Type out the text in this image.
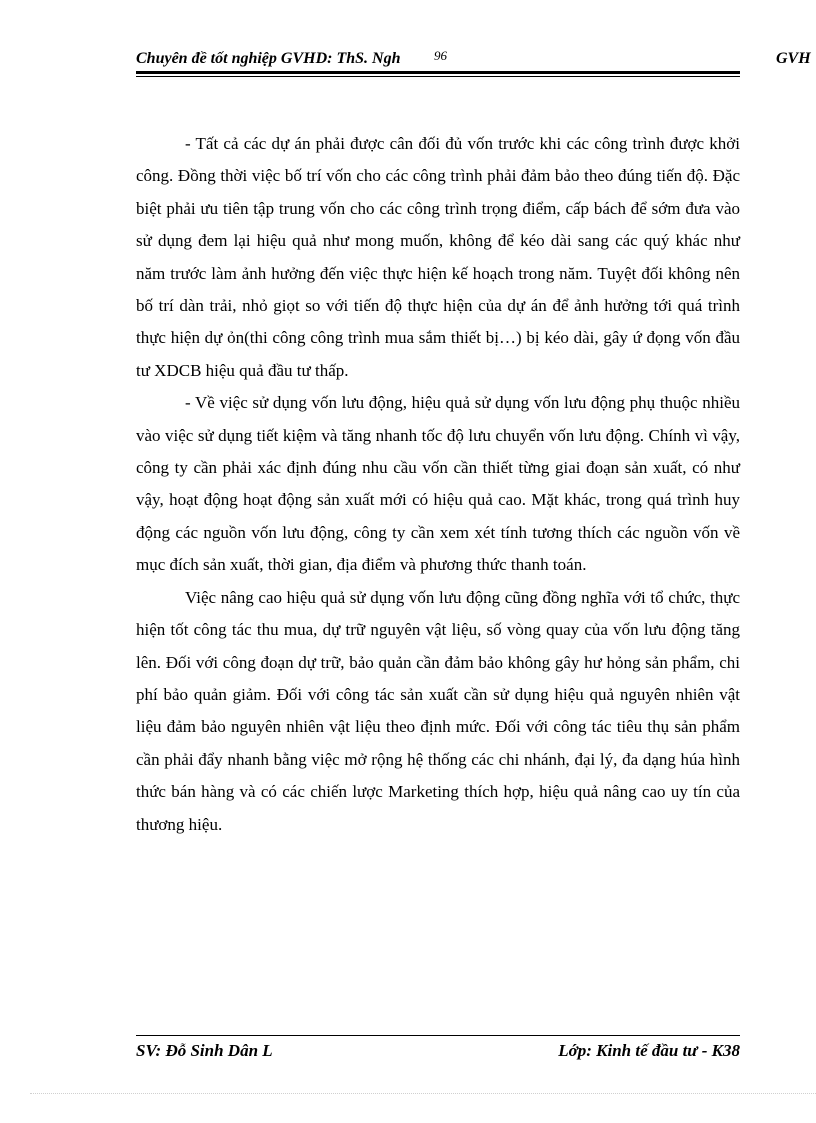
Chuyên đề tốt nghiệp GVHD: ThS. Ngh	96	GVH

- Tất cả các dự án phải được cân đối đủ vốn trước khi các công trình được khởi công. Đồng thời việc bố trí vốn cho các công trình phải đảm bảo theo đúng tiến độ. Đặc biệt phải ưu tiên tập trung vốn cho các công trình trọng điểm, cấp bách để sớm đưa vào sử dụng đem lại hiệu quả như mong muốn, không để kéo dài sang các quý khác như năm trước làm ảnh hưởng đến việc thực hiện kế hoạch trong năm. Tuyệt đối không nên bố trí dàn trải, nhỏ giọt so với tiến độ thực hiện của dự án để ảnh hưởng tới quá trình thực hiện dự ỏn(thi công công trình mua sắm thiết bị…) bị kéo dài, gây ứ đọng vốn đầu tư XDCB hiệu quả đầu tư thấp.

- Về việc sử dụng vốn lưu động, hiệu quả sử dụng vốn lưu động phụ thuộc nhiều vào việc sử dụng tiết kiệm và tăng nhanh tốc độ lưu chuyển vốn lưu động. Chính vì vậy, công ty cần phải xác định đúng nhu cầu vốn cần thiết từng giai đoạn sản xuất, có như vậy, hoạt động hoạt động sản xuất mới có hiệu quả cao. Mặt khác, trong quá trình huy động các nguồn vốn lưu động, công ty cần xem xét tính tương thích các nguồn vốn về mục đích sản xuất, thời gian, địa điểm và phương thức thanh toán.

Việc nâng cao hiệu quả sử dụng vốn lưu động cũng đồng nghĩa với tổ chức, thực hiện tốt công tác thu mua, dự trữ nguyên vật liệu, số vòng quay của vốn lưu động tăng lên. Đối với công đoạn dự trữ, bảo quản cần đảm bảo không gây hư hỏng sản phẩm, chi phí bảo quản giảm. Đối với công tác sản xuất cần sử dụng hiệu quả nguyên nhiên vật liệu đảm bảo nguyên nhiên vật liệu theo định mức. Đối với công tác tiêu thụ sản phẩm cần phải đẩy nhanh bằng việc mở rộng hệ thống các chi nhánh, đại lý, đa dạng húa hình thức bán hàng và có các chiến lược Marketing thích hợp, hiệu quả nâng cao uy tín của thương hiệu.

SV: Đỗ Sinh Dân L	Lớp: Kinh tế đầu tư - K38
